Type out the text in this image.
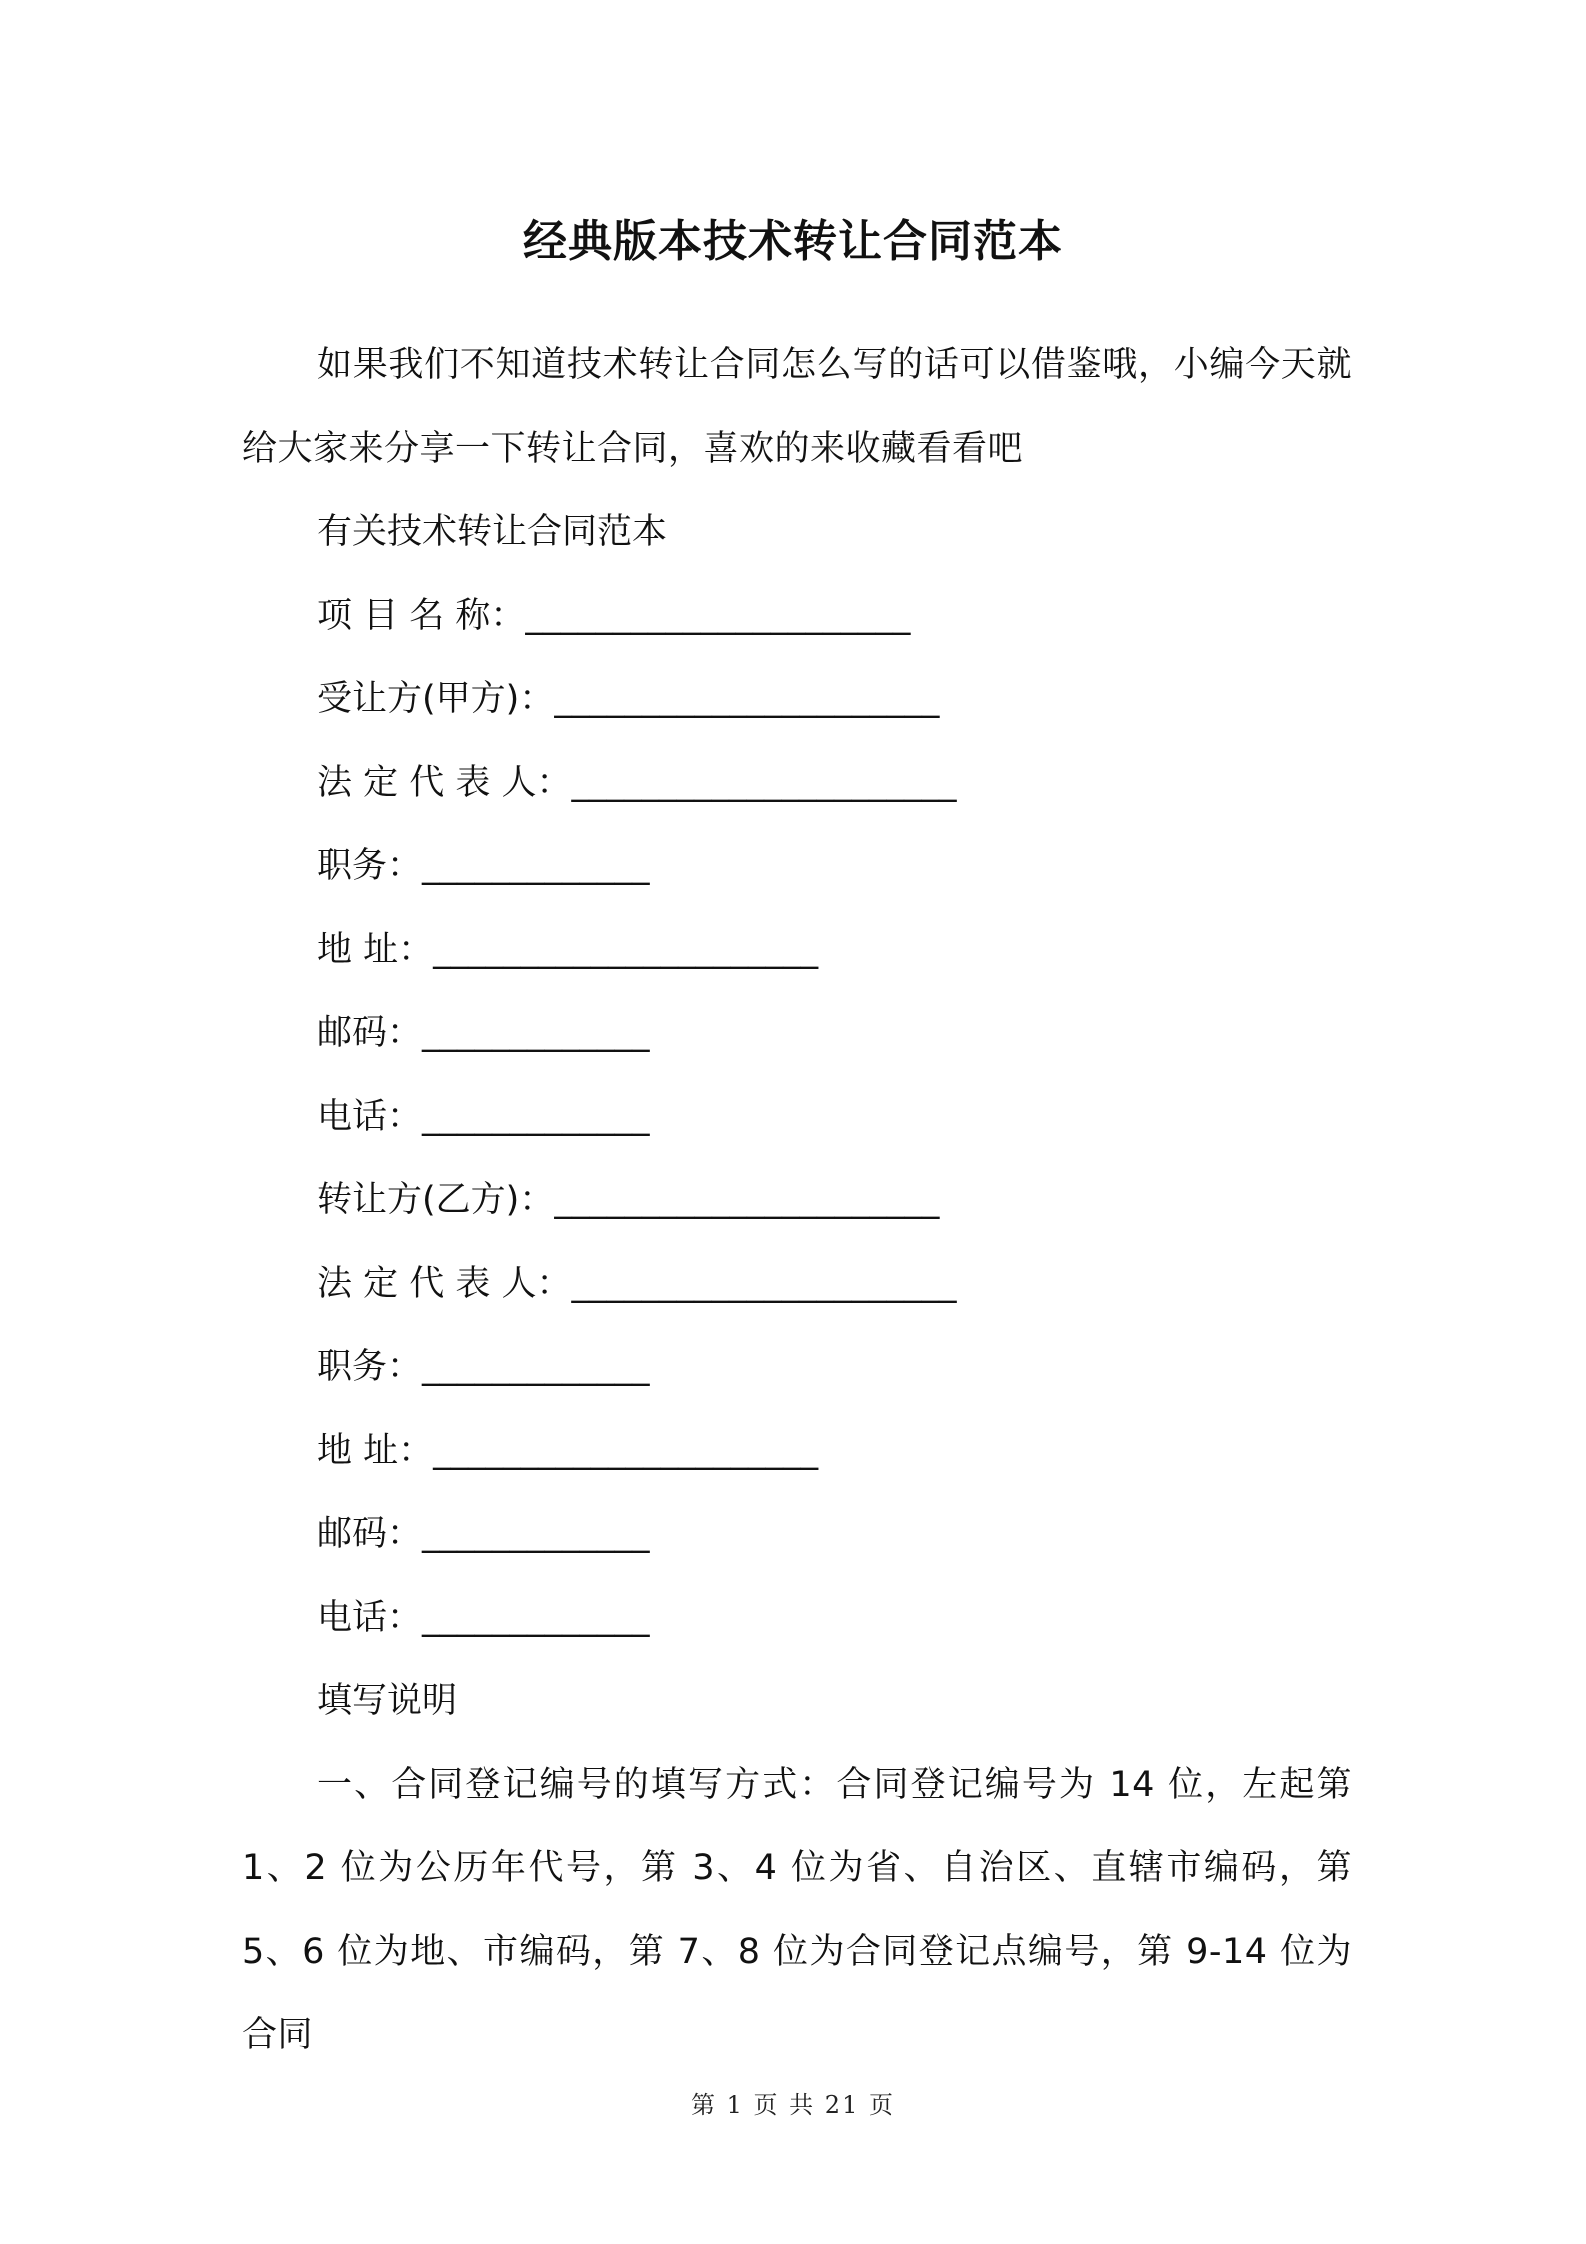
经典版本技术转让合同范本

如果我们不知道技术转让合同怎么写的话可以借鉴哦，小编今天就给大家来分享一下转让合同，喜欢的来收藏看看吧

有关技术转让合同范本

项 目 名 称：______________________

受让方(甲方)：______________________

法 定 代 表 人：______________________

职务：_____________

地 址：______________________

邮码：_____________

电话：_____________

转让方(乙方)：______________________

法 定 代 表 人：______________________

职务：_____________

地 址：______________________

邮码：_____________

电话：_____________

填写说明

一、合同登记编号的填写方式：合同登记编号为 14 位，左起第 1、2 位为公历年代号，第 3、4 位为省、自治区、直辖市编码，第 5、6 位为地、市编码，第 7、8 位为合同登记点编号，第 9-14 位为合同

第 1 页 共 21 页
